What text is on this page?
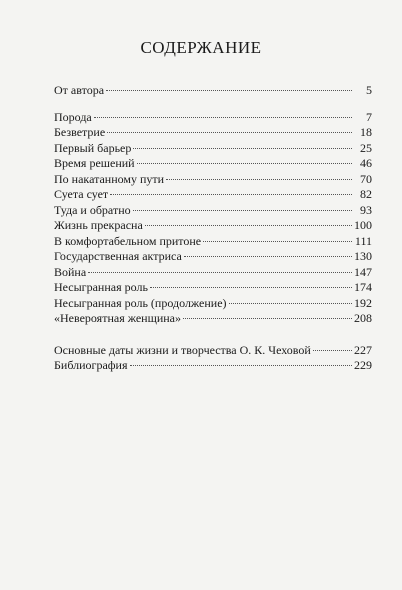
СОДЕРЖАНИЕ
От автора	5
Порода	7
Безветрие	18
Первый барьер	25
Время решений	46
По накатанному пути	70
Суета сует	82
Туда и обратно	93
Жизнь прекрасна	100
В комфортабельном притоне	111
Государственная актриса	130
Война	147
Несыгранная роль	174
Несыгранная роль (продолжение)	192
«Невероятная женщина»	208
Основные даты жизни и творчества О. К. Чеховой	227
Библиография	229
